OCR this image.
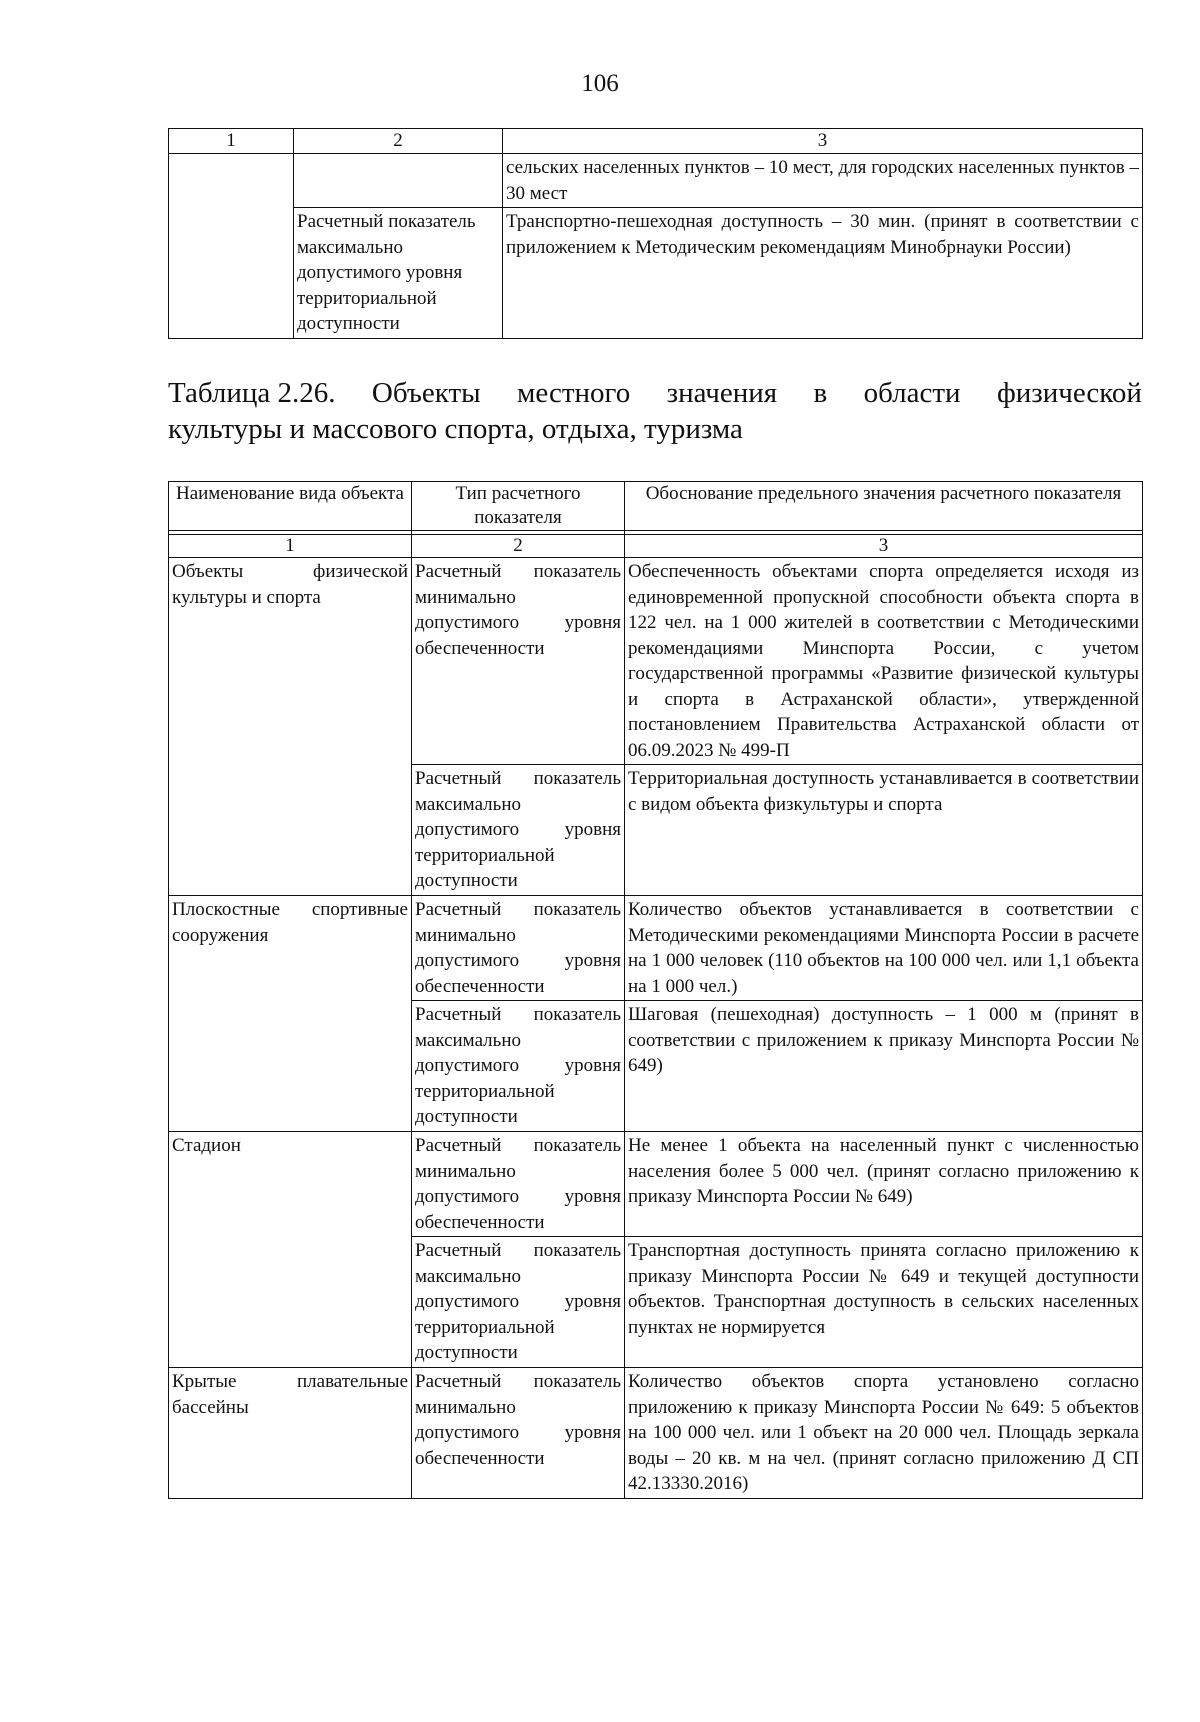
106
1	2	3
		сельских населенных пунктов – 10 мест, для городских населенных пунктов – 30 мест
	Расчетный показатель максимально допустимого уровня территориальной доступности	Транспортно-пешеходная доступность – 30 мин. (принят в соответствии с приложением к Методическим рекомендациям Минобрнауки России)
Таблица 2.26. Объекты местного значения в области физической
культуры и массового спорта, отдыха, туризма
Наименование вида объекта	Тип расчетного показателя	Обоснование предельного значения расчетного показателя

1	2	3
Объекты физической культуры и спорта	Расчетный показатель минимально допустимого уровня обеспеченности	Обеспеченность объектами спорта определяется исходя из единовременной пропускной способности объекта спорта в 122 чел. на 1 000 жителей в соответствии с Методическими рекомендациями Минспорта России, с учетом государственной программы «Развитие физической культуры и спорта в Астраханской области», утвержденной постановлением Правительства Астраханской области от 06.09.2023 № 499-П
	Расчетный показатель максимально допустимого уровня территориальной доступности	Территориальная доступность устанавливается в соответствии с видом объекта физкультуры и спорта
Плоскостные спортивные сооружения	Расчетный показатель минимально допустимого уровня обеспеченности	Количество объектов устанавливается в соответствии с Методическими рекомендациями Минспорта России в расчете на 1 000 человек (110 объектов на 100 000 чел. или 1,1 объекта на 1 000 чел.)
	Расчетный показатель максимально допустимого уровня территориальной доступности	Шаговая (пешеходная) доступность – 1 000 м (принят в соответствии с приложением к приказу Минспорта России № 649)
Стадион	Расчетный показатель минимально допустимого уровня обеспеченности	Не менее 1 объекта на населенный пункт с численностью населения более 5 000 чел. (принят согласно приложению к приказу Минспорта России № 649)
	Расчетный показатель максимально допустимого уровня территориальной доступности	Транспортная доступность принята согласно приложению к приказу Минспорта России № 649 и текущей доступности объектов. Транспортная доступность в сельских населенных пунктах не нормируется
Крытые плавательные бассейны	Расчетный показатель минимально допустимого уровня обеспеченности	Количество объектов спорта установлено согласно приложению к приказу Минспорта России № 649: 5 объектов на 100 000 чел. или 1 объект на 20 000 чел. Площадь зеркала воды – 20 кв. м на чел. (принят согласно приложению Д СП 42.13330.2016)
